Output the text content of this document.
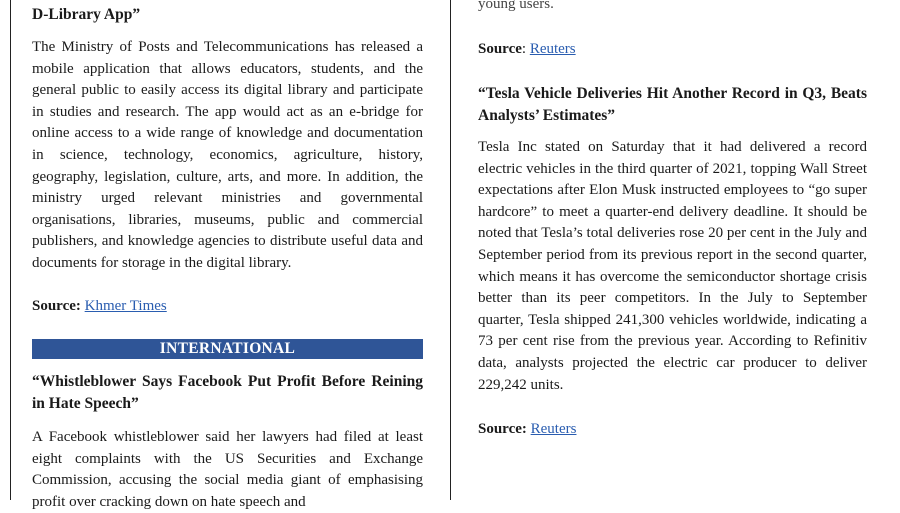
D-Library App”

The Ministry of Posts and Telecommunications has released a mobile application that allows educators, students, and the general public to easily access its digital library and participate in studies and research. The app would act as an e-bridge for online access to a wide range of knowledge and documentation in science, technology, economics, agriculture, history, geography, legislation, culture, arts, and more. In addition, the ministry urged relevant ministries and governmental organisations, libraries, museums, public and commercial publishers, and knowledge agencies to distribute useful data and documents for storage in the digital library.

Source: Khmer Times
INTERNATIONAL
“Whistleblower Says Facebook Put Profit Before Reining in Hate Speech”

A Facebook whistleblower said her lawyers had filed at least eight complaints with the US Securities and Exchange Commission, accusing the social media giant of emphasising profit over cracking down on hate speech and

young users.

Source: Reuters
“Tesla Vehicle Deliveries Hit Another Record in Q3, Beats Analysts’ Estimates”

Tesla Inc stated on Saturday that it had delivered a record electric vehicles in the third quarter of 2021, topping Wall Street expectations after Elon Musk instructed employees to “go super hardcore” to meet a quarter-end delivery deadline. It should be noted that Tesla’s total deliveries rose 20 per cent in the July and September period from its previous report in the second quarter, which means it has overcome the semiconductor shortage crisis better than its peer competitors. In the July to September quarter, Tesla shipped 241,300 vehicles worldwide, indicating a 73 per cent rise from the previous year. According to Refinitiv data, analysts projected the electric car producer to deliver 229,242 units.

Source: Reuters
